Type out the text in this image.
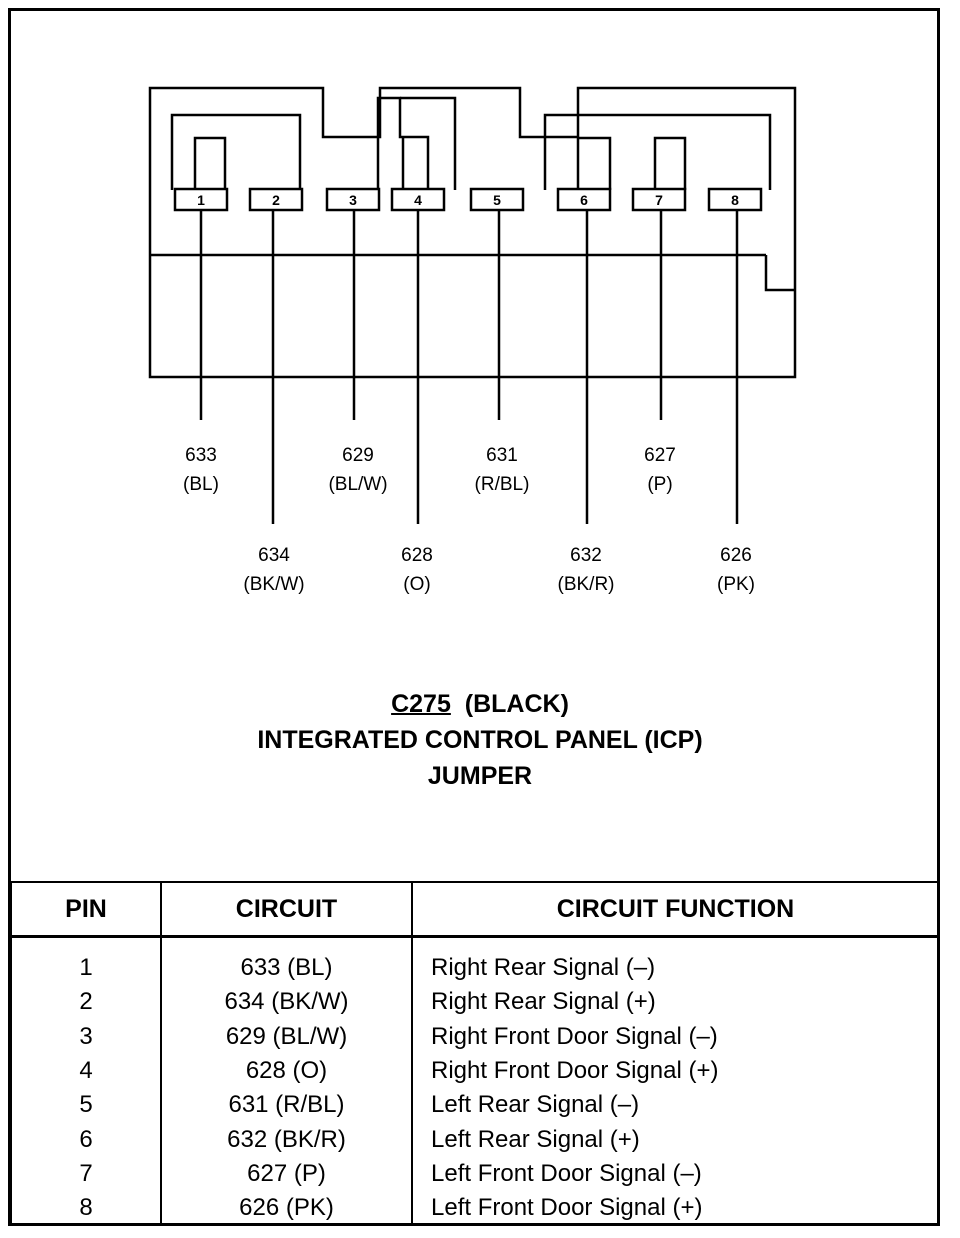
1	2	3	4	5	6	7	8
633
(BL)
634
(BK/W)
629
(BL/W)
628
(O)
631
(R/BL)
632
(BK/R)
627
(P)
626
(PK)
C275 (BLACK)
INTEGRATED CONTROL PANEL (ICP)
JUMPER
PIN	CIRCUIT	CIRCUIT FUNCTION
1	633 (BL)	Right Rear Signal (–)
2	634 (BK/W)	Right Rear Signal (+)
3	629 (BL/W)	Right Front Door Signal (–)
4	628 (O)	Right Front Door Signal (+)
5	631 (R/BL)	Left Rear Signal (–)
6	632 (BK/R)	Left Rear Signal (+)
7	627 (P)	Left Front Door Signal (–)
8	626 (PK)	Left Front Door Signal (+)
